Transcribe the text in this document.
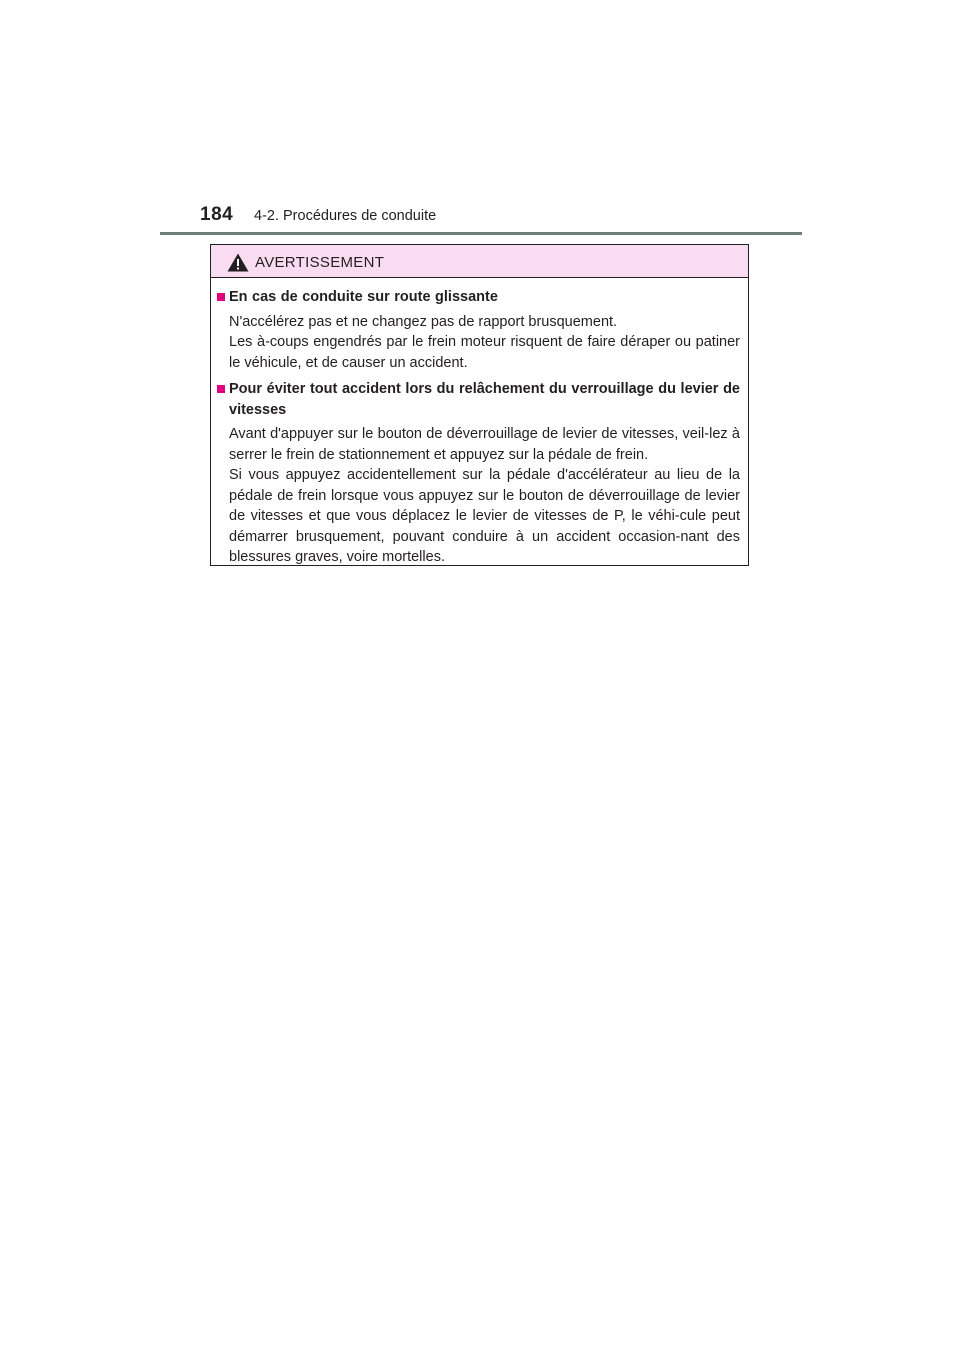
184 4-2. Procédures de conduite
AVERTISSEMENT
En cas de conduite sur route glissante

N'accélérez pas et ne changez pas de rapport brusquement.

Les à-coups engendrés par le frein moteur risquent de faire déraper ou patiner le véhicule, et de causer un accident.

Pour éviter tout accident lors du relâchement du verrouillage du levier de vitesses

Avant d'appuyer sur le bouton de déverrouillage de levier de vitesses, veil-lez à serrer le frein de stationnement et appuyez sur la pédale de frein.

Si vous appuyez accidentellement sur la pédale d'accélérateur au lieu de la pédale de frein lorsque vous appuyez sur le bouton de déverrouillage de levier de vitesses et que vous déplacez le levier de vitesses de P, le véhi-cule peut démarrer brusquement, pouvant conduire à un accident occasion-nant des blessures graves, voire mortelles.
